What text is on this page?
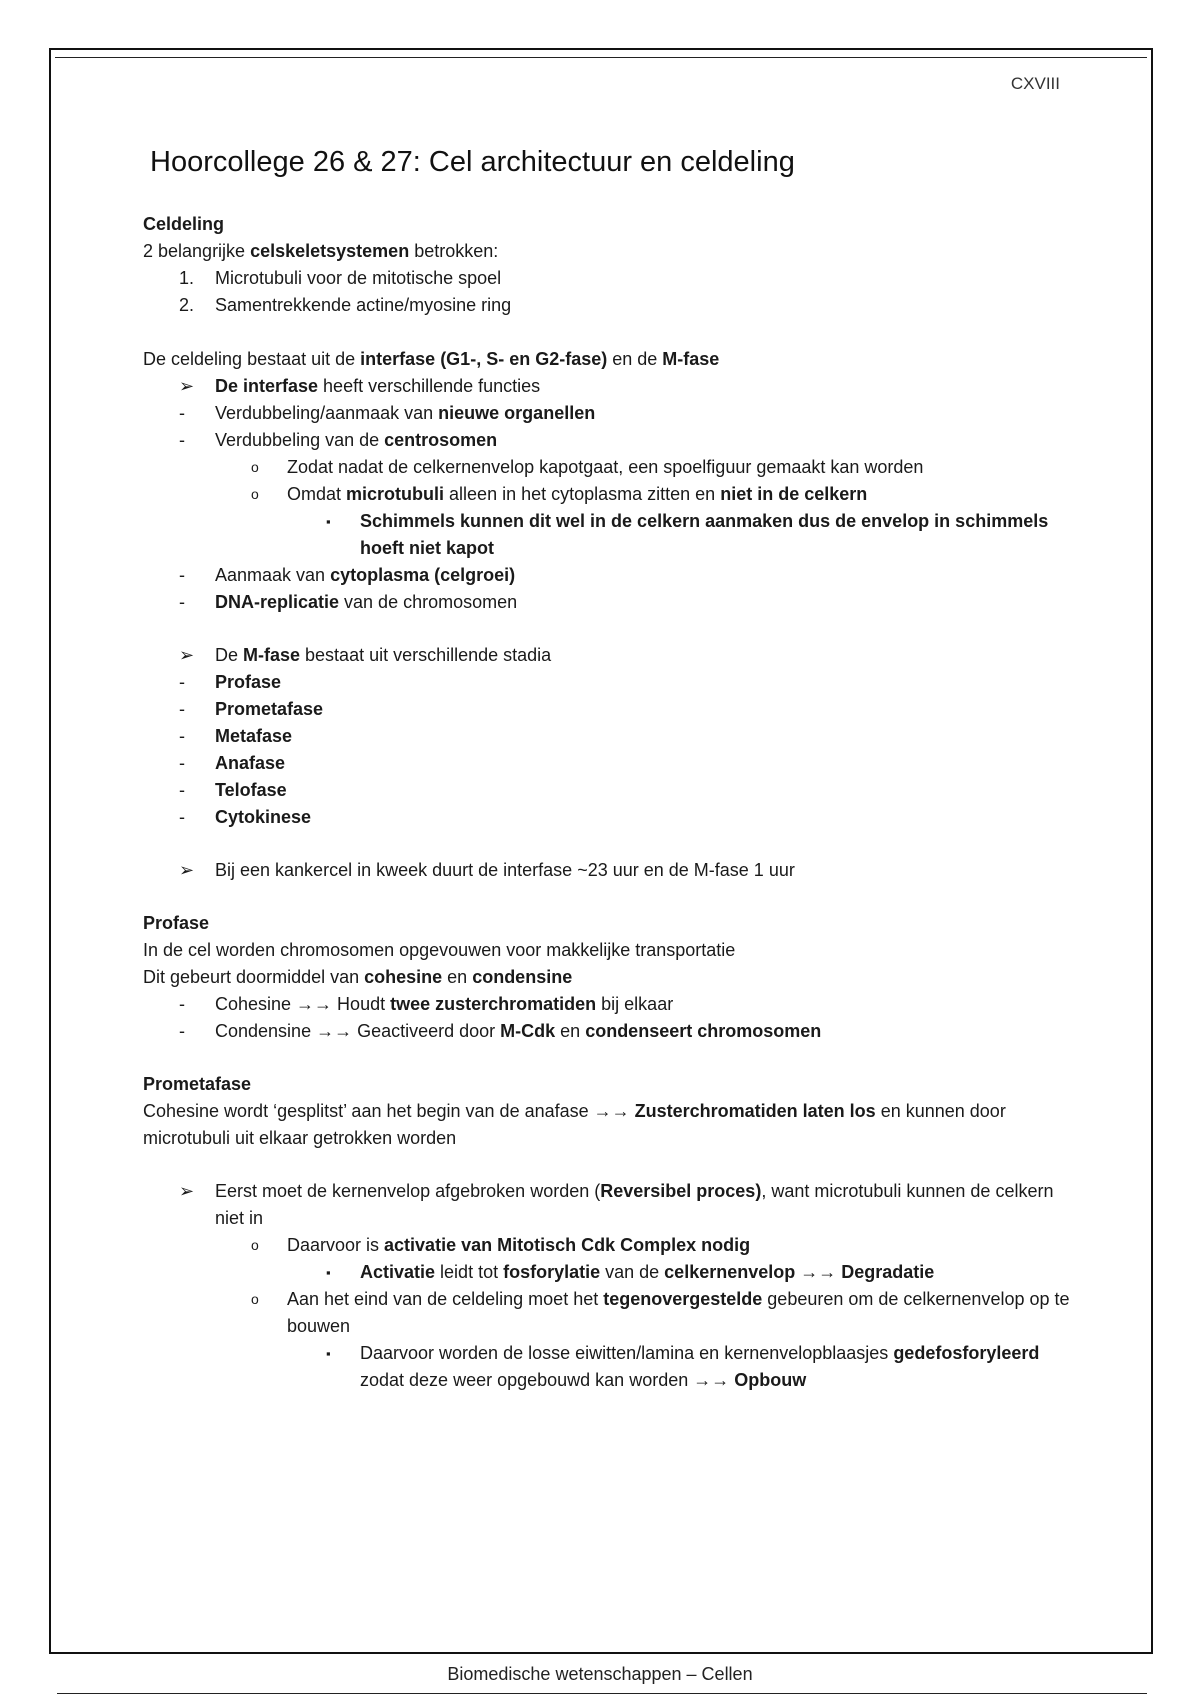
CXVIII
Hoorcollege 26 & 27: Cel architectuur en celdeling

Celdeling

2 belangrijke celskeletsystemen betrokken:

1. Microtubuli voor de mitotische spoel

2. Samentrekkende actine/myosine ring

De celdeling bestaat uit de interfase (G1-, S- en G2-fase) en de M-fase

➢ De interfase heeft verschillende functies

- Verdubbeling/aanmaak van nieuwe organellen

- Verdubbeling van de centrosomen

o Zodat nadat de celkernenvelop kapotgaat, een spoelfiguur gemaakt kan worden

o Omdat microtubuli alleen in het cytoplasma zitten en niet in de celkern

▪ Schimmels kunnen dit wel in de celkern aanmaken dus de envelop in schimmels hoeft niet kapot

- Aanmaak van cytoplasma (celgroei)

- DNA-replicatie van de chromosomen

➢ De M-fase bestaat uit verschillende stadia

- Profase

- Prometafase

- Metafase

- Anafase

- Telofase

- Cytokinese

➢ Bij een kankercel in kweek duurt de interfase ~23 uur en de M-fase 1 uur

Profase

In de cel worden chromosomen opgevouwen voor makkelijke transportatie

Dit gebeurt doormiddel van cohesine en condensine

- Cohesine →→ Houdt twee zusterchromatiden bij elkaar

- Condensine →→ Geactiveerd door M-Cdk en condenseert chromosomen

Prometafase

Cohesine wordt ‘gesplitst’ aan het begin van de anafase →→ Zusterchromatiden laten los en kunnen door microtubuli uit elkaar getrokken worden

➢ Eerst moet de kernenvelop afgebroken worden (Reversibel proces), want microtubuli kunnen de celkern niet in

o Daarvoor is activatie van Mitotisch Cdk Complex nodig

▪ Activatie leidt tot fosforylatie van de celkernenvelop →→ Degradatie

o Aan het eind van de celdeling moet het tegenovergestelde gebeuren om de celkernenvelop op te bouwen

▪ Daarvoor worden de losse eiwitten/lamina en kernenvelopblaasjes gedefosforyleerd zodat deze weer opgebouwd kan worden →→ Opbouw

Biomedische wetenschappen – Cellen
